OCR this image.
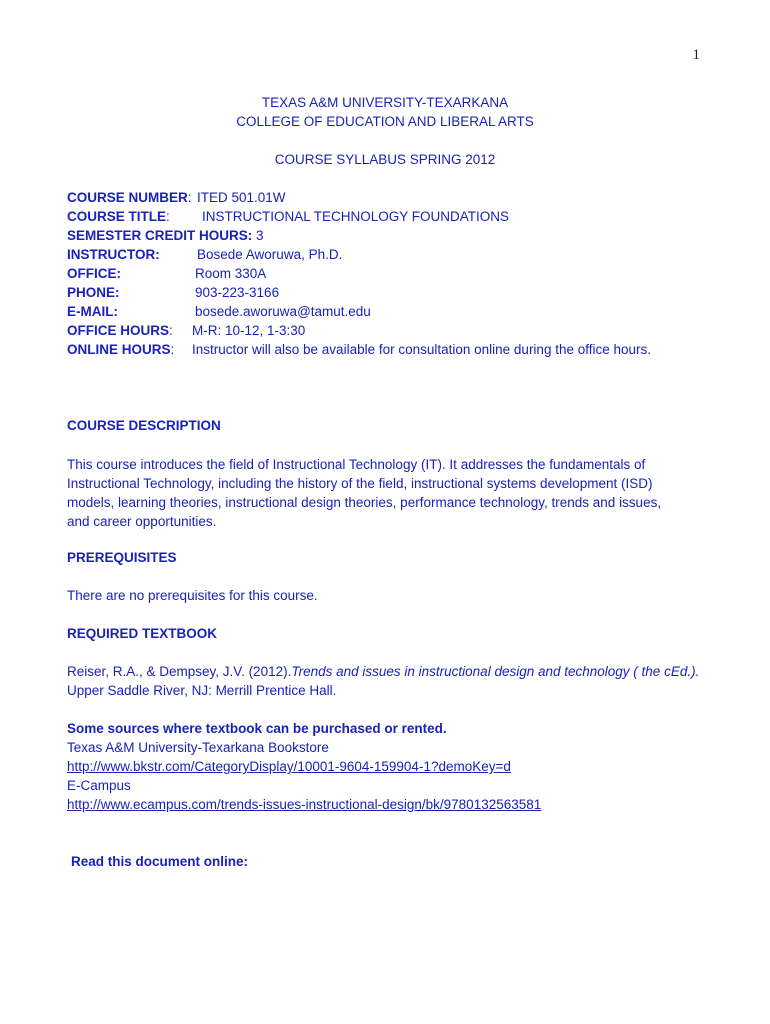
1
TEXAS A&M UNIVERSITY-TEXARKANA
COLLEGE OF EDUCATION AND LIBERAL ARTS
COURSE SYLLABUS SPRING 2012
COURSE NUMBER: ITED 501.01W
COURSE TITLE: INSTRUCTIONAL TECHNOLOGY FOUNDATIONS
SEMESTER CREDIT HOURS: 3
INSTRUCTOR:	Bosede Aworuwa, Ph.D.
OFFICE:	Room 330A
PHONE:	903-223-3166
E-MAIL:	bosede.aworuwa@tamut.edu
OFFICE HOURS: M-R: 10-12, 1-3:30
ONLINE HOURS: Instructor will also be available for consultation online during the office hours.
COURSE DESCRIPTION
This course introduces the field of Instructional Technology (IT). It addresses the fundamentals of
Instructional Technology, including the history of the field, instructional systems development (ISD)
models, learning theories, instructional design theories, performance technology, trends and issues,
and career opportunities.
PREREQUISITES
There are no prerequisites for this course.
REQUIRED TEXTBOOK
Reiser, R.A., & Dempsey, J.V. (2012).Trends and issues in instructional design and technology ( the cEd.).
Upper Saddle River, NJ: Merrill Prentice Hall.
Some sources where textbook can be purchased or rented.
Texas A&M University-Texarkana Bookstore
http://www.bkstr.com/CategoryDisplay/10001-9604-159904-1?demoKey=d
E-Campus
http://www.ecampus.com/trends-issues-instructional-design/bk/9780132563581
Read this document online:
